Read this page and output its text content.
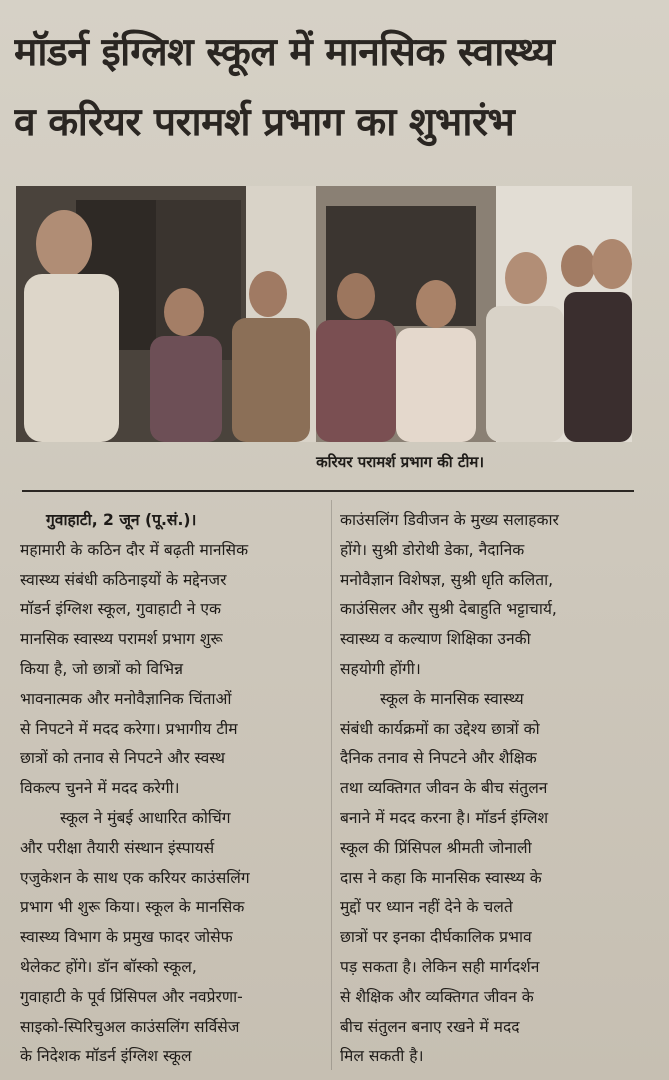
मॉडर्न इंग्लिश स्कूल में मानसिक स्वास्थ्य
व करियर परामर्श प्रभाग का शुभारंभ
करियर परामर्श प्रभाग की टीम।
गुवाहाटी, 2 जून (पू.सं.)।
महामारी के कठिन दौर में बढ़ती मानसिक
स्वास्थ्य संबंधी कठिनाइयों के मद्देनजर
मॉडर्न इंग्लिश स्कूल, गुवाहाटी ने एक
मानसिक स्वास्थ्य परामर्श प्रभाग शुरू
किया है, जो छात्रों को विभिन्न
भावनात्मक और मनोवैज्ञानिक चिंताओं
से निपटने में मदद करेगा। प्रभागीय टीम
छात्रों को तनाव से निपटने और स्वस्थ
विकल्प चुनने में मदद करेगी।
स्कूल ने मुंबई आधारित कोचिंग
और परीक्षा तैयारी संस्थान इंस्पायर्स
एजुकेशन के साथ एक करियर काउंसलिंग
प्रभाग भी शुरू किया। स्कूल के मानसिक
स्वास्थ्य विभाग के प्रमुख फादर जोसेफ
थेलेकट होंगे। डॉन बॉस्को स्कूल,
गुवाहाटी के पूर्व प्रिंसिपल और नवप्रेरणा-
साइको-स्पिरिचुअल काउंसलिंग सर्विसेज
के निदेशक मॉडर्न इंग्लिश स्कूल
काउंसलिंग डिवीजन के मुख्य सलाहकार
होंगे। सुश्री डोरोथी डेका, नैदानिक
मनोवैज्ञान विशेषज्ञ, सुश्री धृति कलिता,
काउंसिलर और सुश्री देबाहुति भट्टाचार्य,
स्वास्थ्य व कल्याण शिक्षिका उनकी
सहयोगी होंगी।
स्कूल के मानसिक स्वास्थ्य
संबंधी कार्यक्रमों का उद्देश्य छात्रों को
दैनिक तनाव से निपटने और शैक्षिक
तथा व्यक्तिगत जीवन के बीच संतुलन
बनाने में मदद करना है। मॉडर्न इंग्लिश
स्कूल की प्रिंसिपल श्रीमती जोनाली
दास ने कहा कि मानसिक स्वास्थ्य के
मुद्दों पर ध्यान नहीं देने के चलते
छात्रों पर इनका दीर्घकालिक प्रभाव
पड़ सकता है। लेकिन सही मार्गदर्शन
से शैक्षिक और व्यक्तिगत जीवन के
बीच संतुलन बनाए रखने में मदद
मिल सकती है।
